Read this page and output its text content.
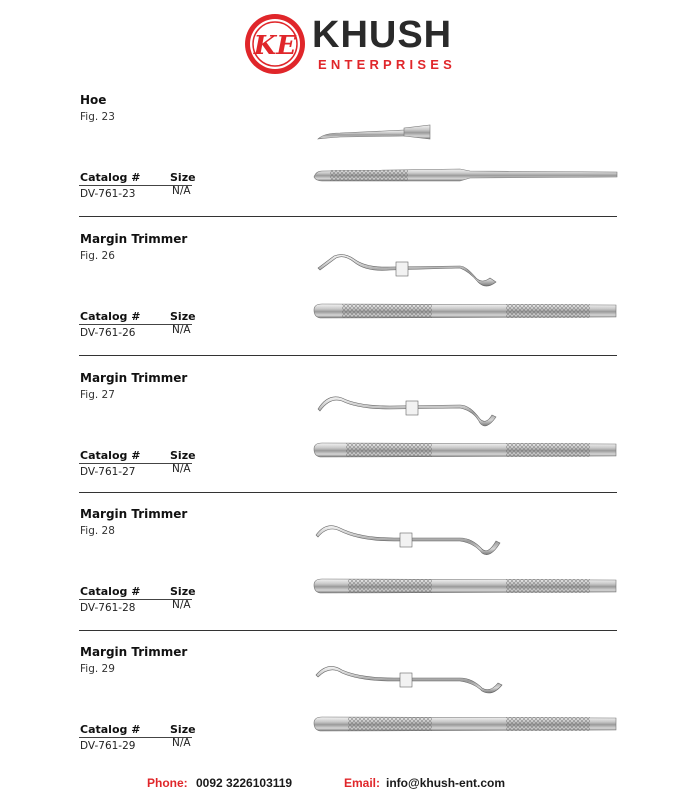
KE KHUSH
ENTERPRISES
Hoe
Fig. 23
Catalog #	Size
DV-761-23	N/A
Margin Trimmer
Fig. 26
Catalog #	Size
DV-761-26	N/A
Margin Trimmer
Fig. 27
Catalog #	Size
DV-761-27	N/A
Margin Trimmer
Fig. 28
Catalog #	Size
DV-761-28	N/A
Margin Trimmer
Fig. 29
Catalog #	Size
DV-761-29	N/A
Phone: 0092 3226103119	Email: info@khush-ent.com
